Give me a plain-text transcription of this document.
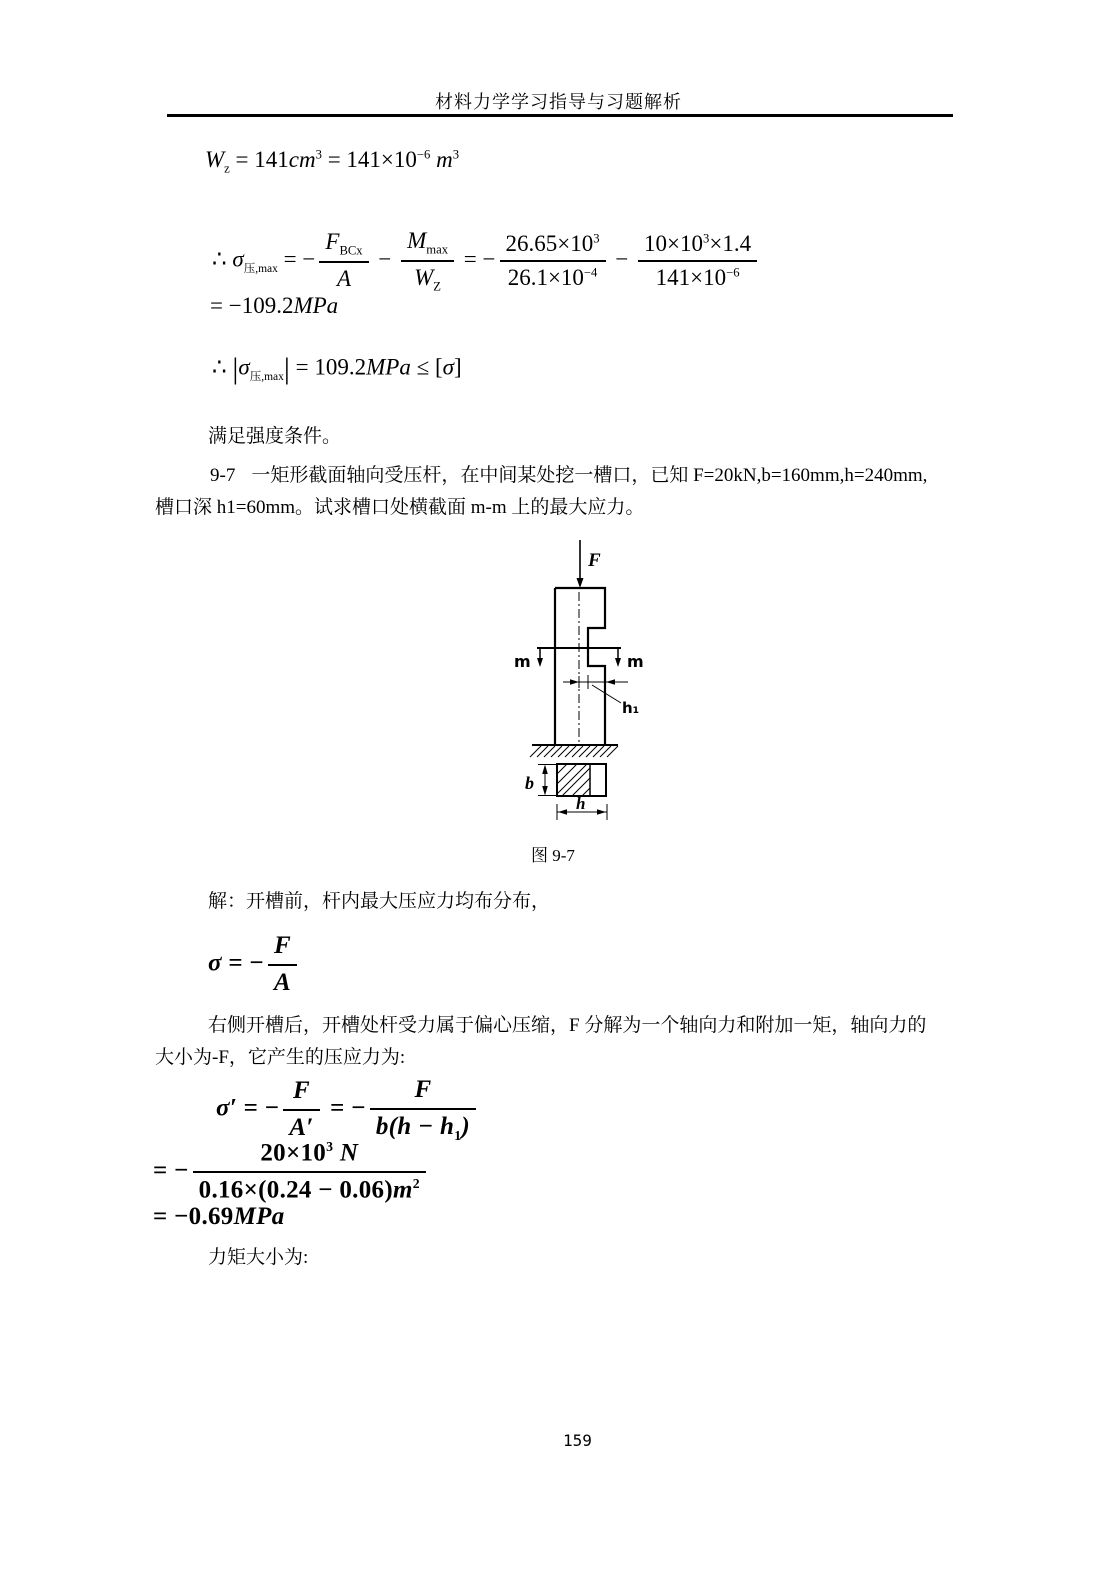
材料力学学习指导与习题解析
$W_z = 141cm^3 = 141\times 10^{-6}$ $m^3$
∴ $\sigma_{压,max}$ = − $\frac{F_{BCx}}{A} - \frac{M_{max}}{W_Z}$ = − $\frac{26.65\times 10^3}{26.1\times 10^{-4}} - \frac{10\times 10^3\times 1.4}{141\times 10^{-6}}$
= −109.2MPa
∴ $|\sigma_{压,max}| = 109.2MPa \le [\sigma]$
满足强度条件。
9-7 一矩形截面轴向受压杆，在中间某处挖一槽口，已知 F=20kN,b=160mm,h=240mm,
槽口深 h1=60mm。试求槽口处横截面 m-m 上的最大应力。
F
m	m
h₁
b
h
图 9-7
解：开槽前，杆内最大压应力均布分布，
σ = − $\frac{F}{A}$
右侧开槽后，开槽处杆受力属于偏心压缩，F 分解为一个轴向力和附加一矩，轴向力的
大小为-F，它产生的压应力为:
σ′ = − $\frac{F}{A'}$ = − $\frac{F}{b(h - h_1)}$
= − $\frac{20\times 10^3 N}{0.16\times(0.24 - 0.06)m^2}$
= −0.69MPa
力矩大小为:
159
